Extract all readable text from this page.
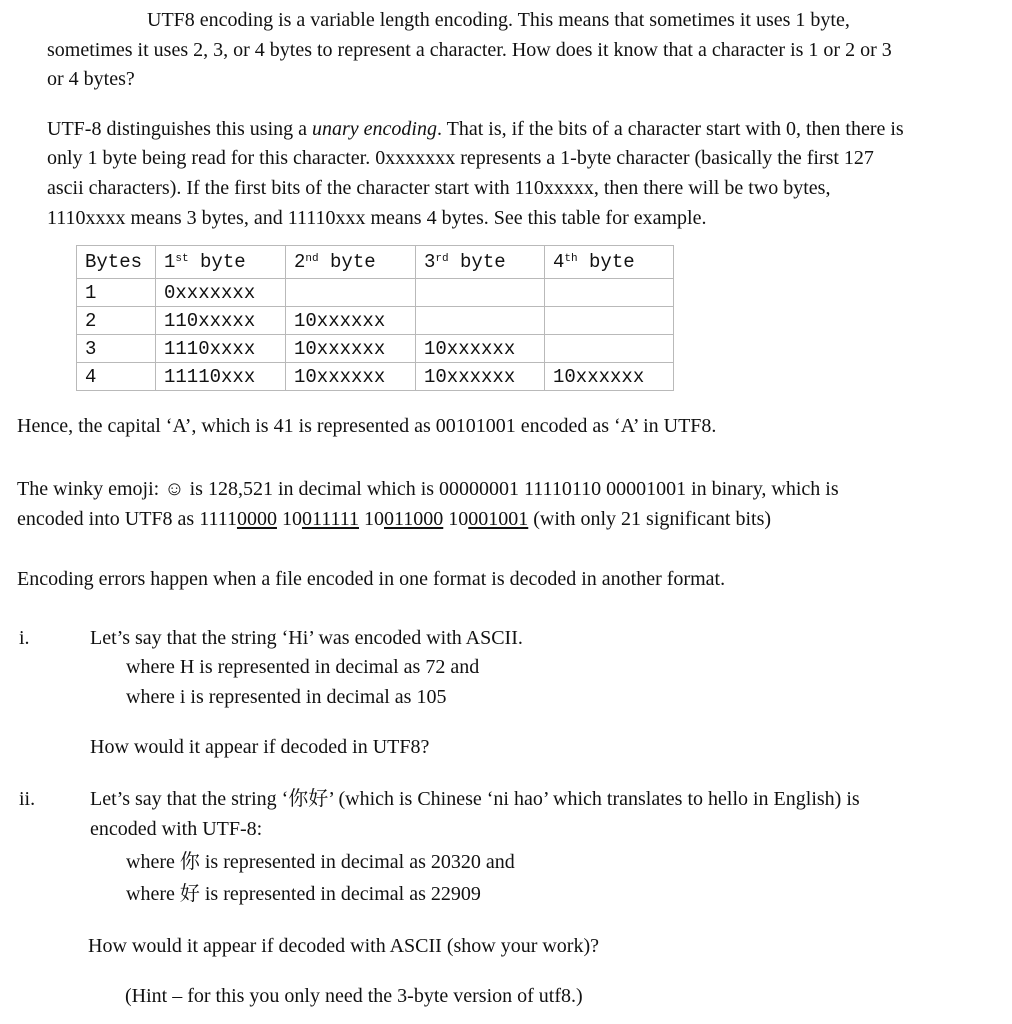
UTF8 encoding is a variable length encoding. This means that sometimes it uses 1 byte,
sometimes it uses 2, 3, or 4 bytes to represent a character. How does it know that a character is 1 or 2 or 3
or 4 bytes?
UTF-8 distinguishes this using a unary encoding. That is, if the bits of a character start with 0, then there is
only 1 byte being read for this character. 0xxxxxxx represents a 1-byte character (basically the first 127
ascii characters). If the first bits of the character start with 110xxxxx, then there will be two bytes,
1110xxxx means 3 bytes, and 11110xxx means 4 bytes. See this table for example.
Bytes	1st byte	2nd byte	3rd byte	4th byte
1	0xxxxxxx			
2	110xxxxx	10xxxxxx		
3	1110xxxx	10xxxxxx	10xxxxxx	
4	11110xxx	10xxxxxx	10xxxxxx	10xxxxxx
Hence, the capital ‘A’, which is 41 is represented as 00101001 encoded as ‘A’ in UTF8.
The winky emoji: ☺ is 128,521 in decimal which is 00000001 11110110 00001001 in binary, which is
encoded into UTF8 as 11110000 10011111 10011000 10001001 (with only 21 significant bits)
Encoding errors happen when a file encoded in one format is decoded in another format.
i.	Let’s say that the string ‘Hi’ was encoded with ASCII.
where H is represented in decimal as 72 and
where i is represented in decimal as 105
How would it appear if decoded in UTF8?
ii.	Let’s say that the string ‘你好’ (which is Chinese ‘ni hao’ which translates to hello in English) is
encoded with UTF-8:
where 你 is represented in decimal as 20320 and
where 好 is represented in decimal as 22909
How would it appear if decoded with ASCII (show your work)?
(Hint – for this you only need the 3-byte version of utf8.)
